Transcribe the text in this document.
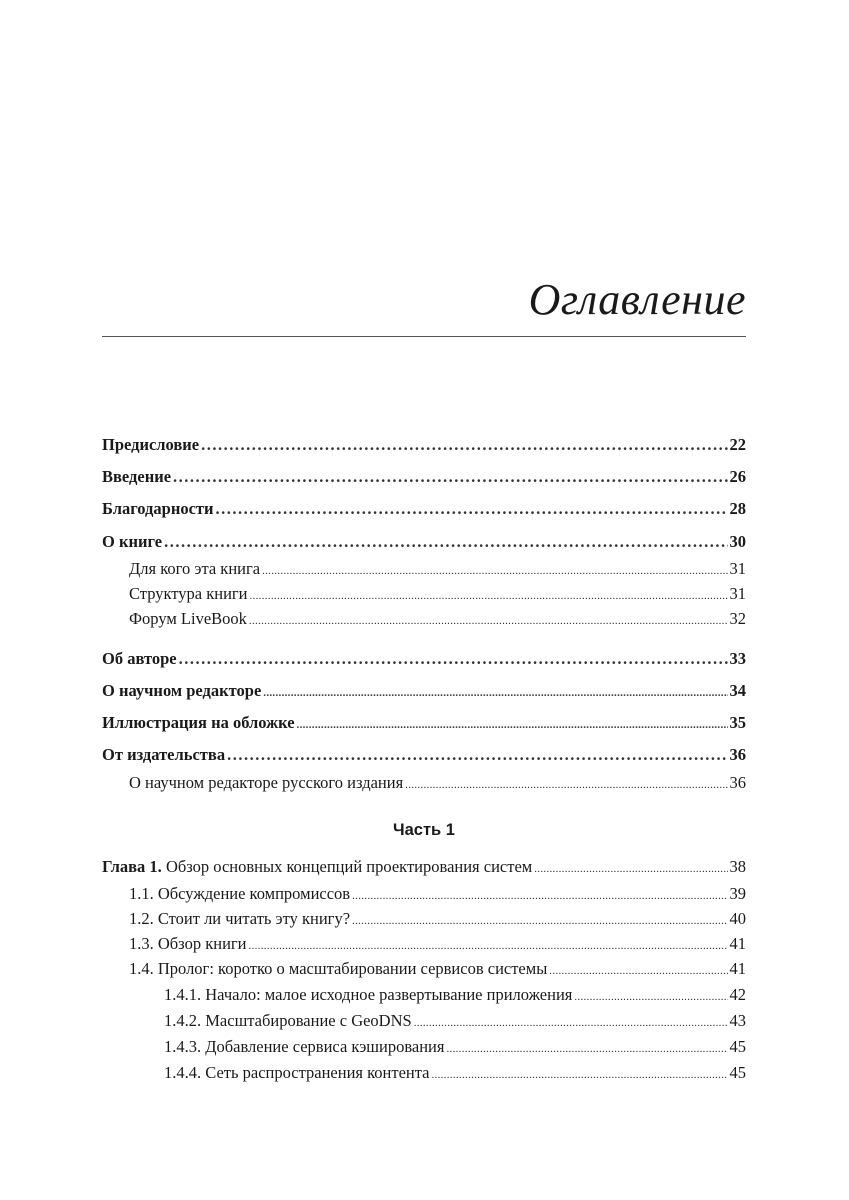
Оглавление
Предисловие .....	22
Введение .....	26
Благодарности .....	28
О книге .....	30
Для кого эта книга .....	31
Структура книги .....	31
Форум LiveBook .....	32
Об авторе .....	33
О научном редакторе .....	34
Иллюстрация на обложке .....	35
От издательства .....	36
О научном редакторе русского издания .....	36
Глава 1. Обзор основных концепций проектирования систем .....	38
1.1. Обсуждение компромиссов .....	39
1.2. Стоит ли читать эту книгу? .....	40
1.3. Обзор книги .....	41
1.4. Пролог: коротко о масштабировании сервисов системы .....	41
1.4.1. Начало: малое исходное развертывание приложения .....	42
1.4.2. Масштабирование с GeoDNS .....	43
1.4.3. Добавление сервиса кэширования .....	45
1.4.4. Сеть распространения контента .....	45
Часть 1
